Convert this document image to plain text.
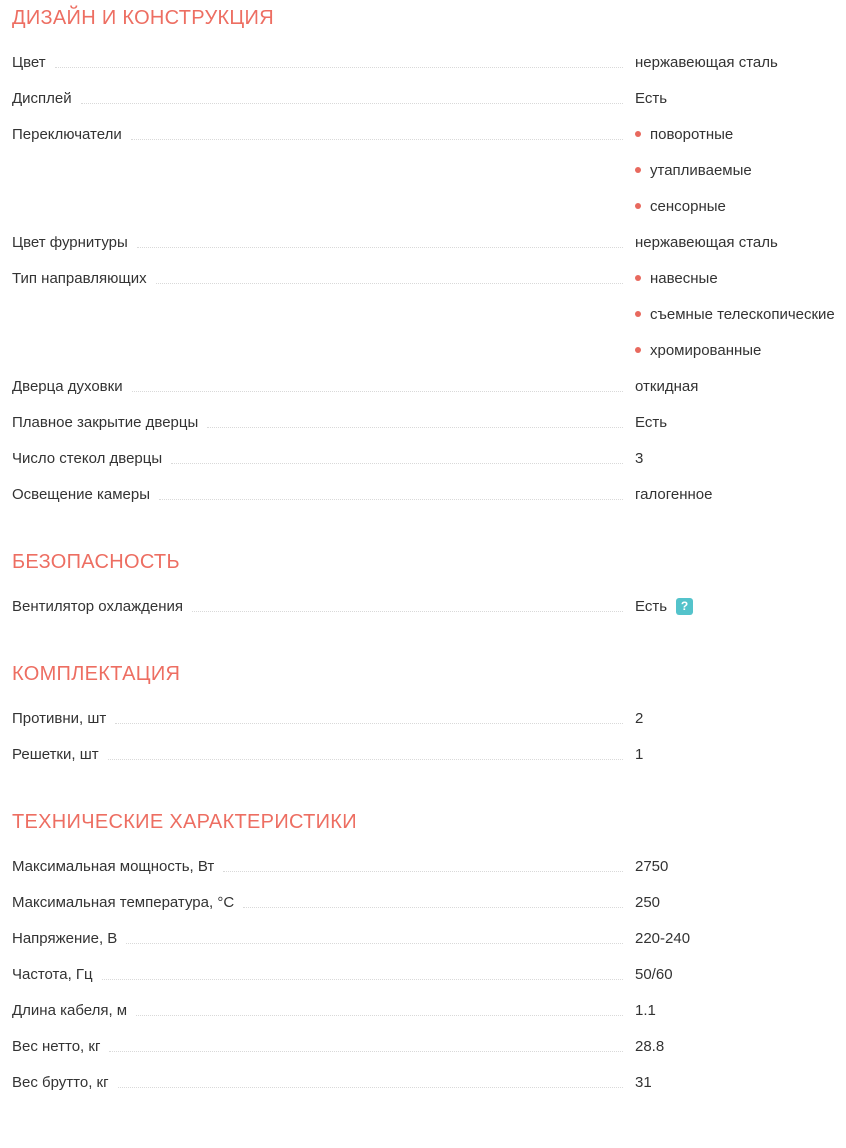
ДИЗАЙН И КОНСТРУКЦИЯ
Цвет	нержавеющая сталь
Дисплей	Есть
Переключатели	поворотные
утапливаемые
сенсорные
Цвет фурнитуры	нержавеющая сталь
Тип направляющих	навесные
съемные телескопические
хромированные
Дверца духовки	откидная
Плавное закрытие дверцы	Есть
Число стекол дверцы	3
Освещение камеры	галогенное
БЕЗОПАСНОСТЬ
Вентилятор охлаждения	Есть	?
КОМПЛЕКТАЦИЯ
Противни, шт	2
Решетки, шт	1
ТЕХНИЧЕСКИЕ ХАРАКТЕРИСТИКИ
Максимальная мощность, Вт	2750
Максимальная температура, °С	250
Напряжение, В	220-240
Частота, Гц	50/60
Длина кабеля, м	1.1
Вес нетто, кг	28.8
Вес брутто, кг	31
